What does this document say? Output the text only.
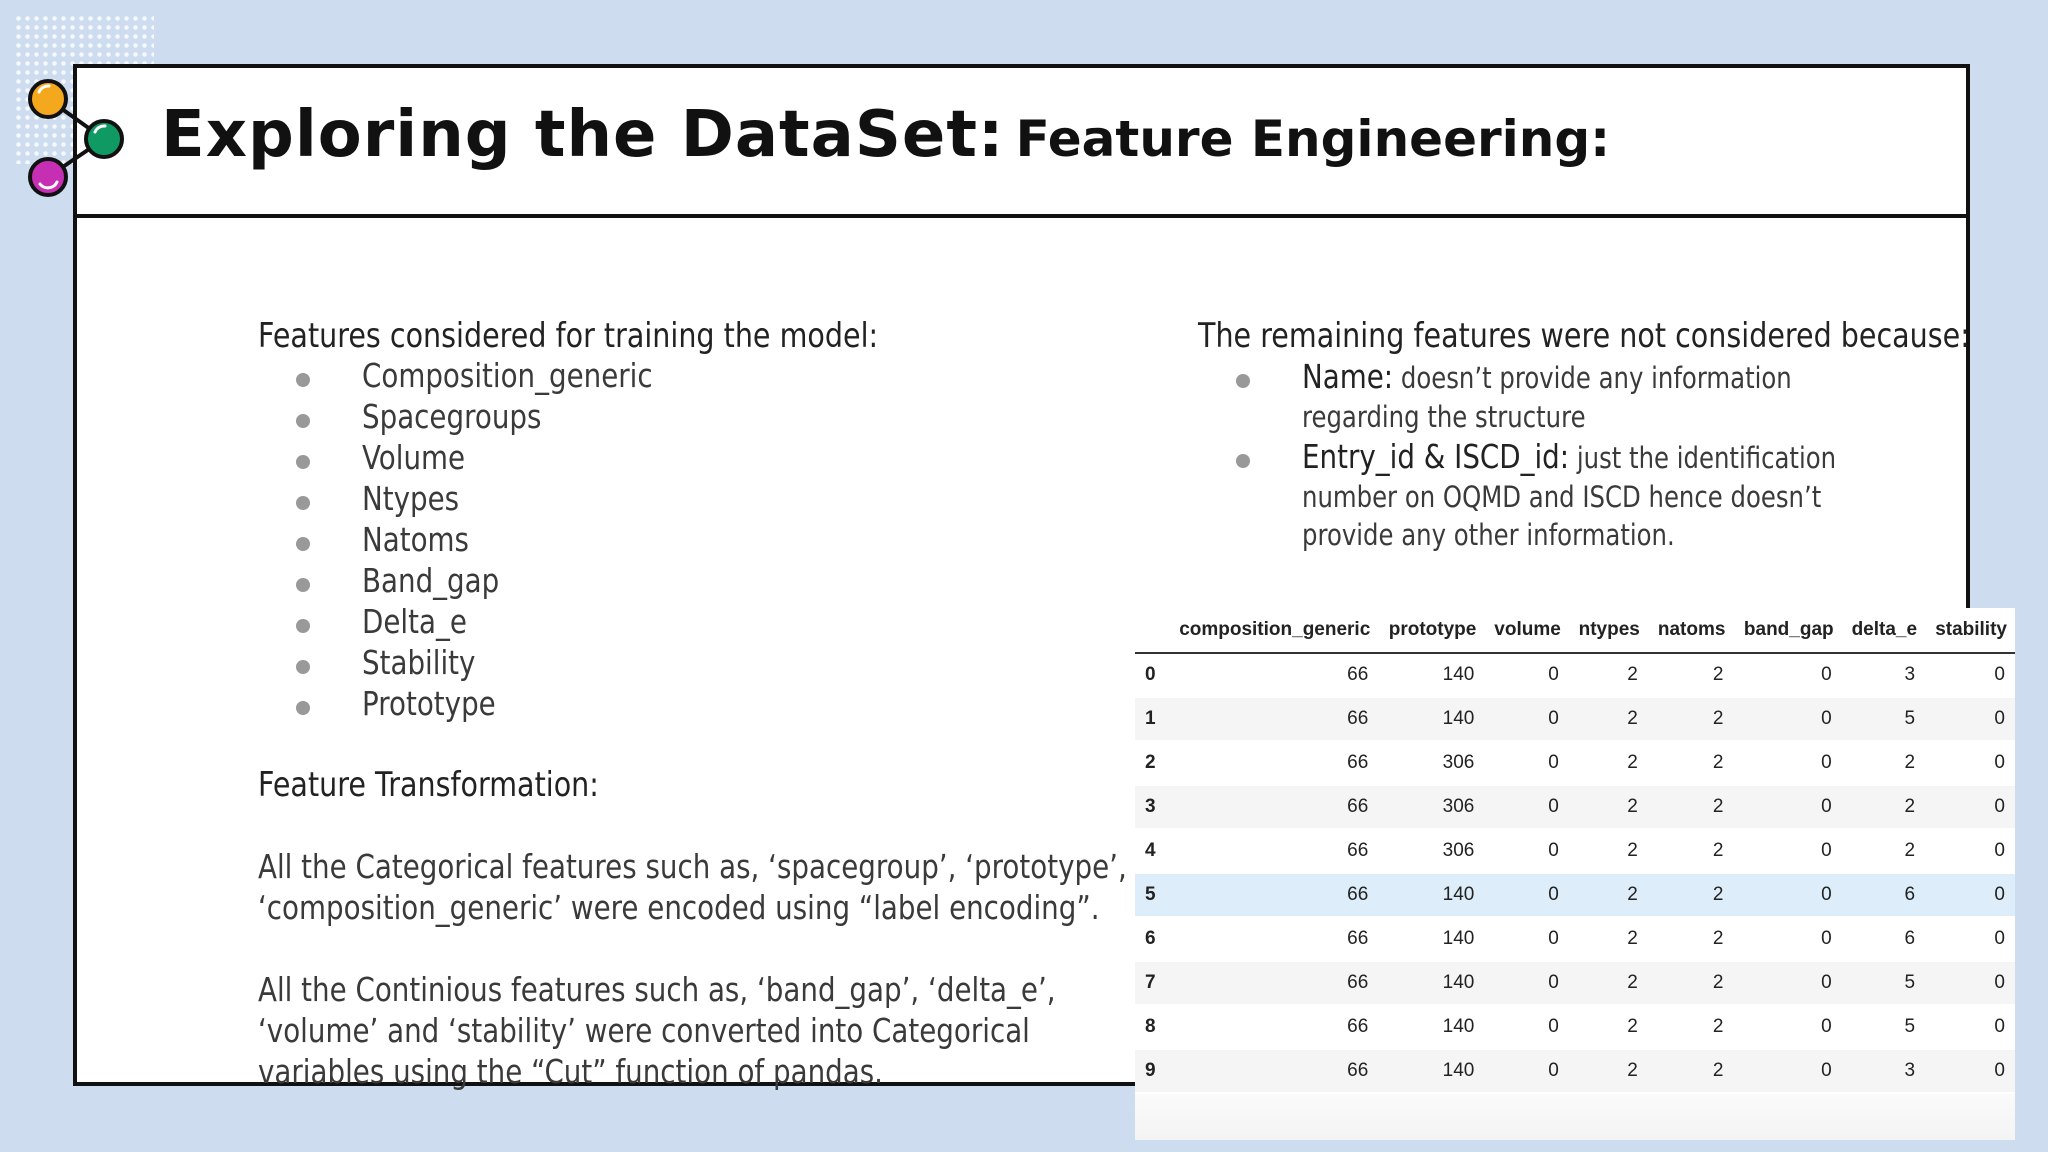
Exploring the DataSet: Feature Engineering:
Features considered for training the model:
Composition_generic
Spacegroups
Volume
Ntypes
Natoms
Band_gap
Delta_e
Stability
Prototype
Feature Transformation:
All the Categorical features such as, ‘spacegroup’, ‘prototype’,
‘composition_generic’ were encoded using “label encoding”.
All the Continious features such as, ‘band_gap’, ‘delta_e’,
‘volume’ and ‘stability’ were converted into Categorical
variables using the “Cut” function of pandas.
The remaining features were not considered because:
Name: doesn’t provide any information regarding the structure
Entry_id & ISCD_id: just the identification number on OQMD and ISCD hence doesn’t provide any other information.
	composition_generic	prototype	volume	ntypes	natoms	band_gap	delta_e	stability
0	66	140	0	2	2	0	3	0
1	66	140	0	2	2	0	5	0
2	66	306	0	2	2	0	2	0
3	66	306	0	2	2	0	2	0
4	66	306	0	2	2	0	2	0
5	66	140	0	2	2	0	6	0
6	66	140	0	2	2	0	6	0
7	66	140	0	2	2	0	5	0
8	66	140	0	2	2	0	5	0
9	66	140	0	2	2	0	3	0
